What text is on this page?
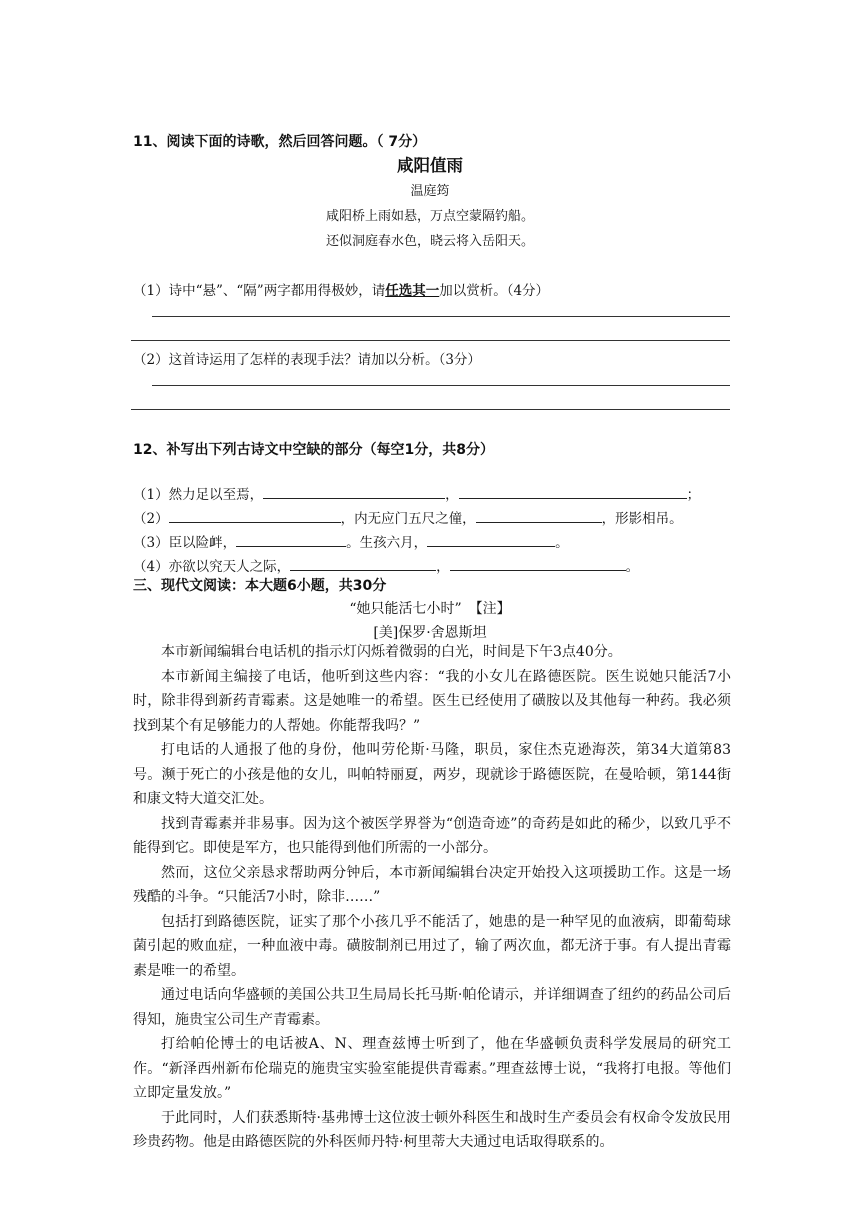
11、阅读下面的诗歌，然后回答问题。（ 7分）
咸阳值雨
温庭筠
咸阳桥上雨如悬，万点空蒙隔钓船。
还似洞庭春水色，晓云将入岳阳天。
（1）诗中“悬”、“隔”两字都用得极妙，请任选其一加以赏析。（4分）
（2）这首诗运用了怎样的表现手法？请加以分析。（3分）
12、补写出下列古诗文中空缺的部分（每空1分，共8分）
（1）然力足以至焉，	，	；
（2）	，内无应门五尺之僮，	，形影相吊。
（3）臣以险衅，	。生孩六月，	。
（4）亦欲以究天人之际，	，	。
三、现代文阅读：本大题6小题，共30分
“她只能活七小时”　【注】
[美]保罗·舍恩斯坦

本市新闻编辑台电话机的指示灯闪烁着微弱的白光，时间是下午3点40分。

本市新闻主编接了电话，他听到这些内容：“我的小女儿在路德医院。医生说她只能活7小时，除非得到新药青霉素。这是她唯一的希望。医生已经使用了磺胺以及其他每一种药。我必须找到某个有足够能力的人帮她。你能帮我吗？”

打电话的人通报了他的身份，他叫劳伦斯·马隆，职员，家住杰克逊海茨，第34大道第83号。濒于死亡的小孩是他的女儿，叫帕特丽夏，两岁，现就诊于路德医院，在曼哈顿，第144街和康文特大道交汇处。

找到青霉素并非易事。因为这个被医学界誉为“创造奇迹”的奇药是如此的稀少，以致几乎不能得到它。即使是军方，也只能得到他们所需的一小部分。

然而，这位父亲恳求帮助两分钟后，本市新闻编辑台决定开始投入这项援助工作。这是一场残酷的斗争。“只能活7小时，除非……”

包括打到路德医院，证实了那个小孩几乎不能活了，她患的是一种罕见的血液病，即葡萄球菌引起的败血症，一种血液中毒。磺胺制剂已用过了，输了两次血，都无济于事。有人提出青霉素是唯一的希望。

通过电话向华盛顿的美国公共卫生局局长托马斯·帕伦请示，并详细调查了纽约的药品公司后得知，施贵宝公司生产青霉素。

打给帕伦博士的电话被A、N、理查兹博士听到了，他在华盛顿负责科学发展局的研究工作。“新泽西州新布伦瑞克的施贵宝实验室能提供青霉素。”理查兹博士说，“我将打电报。等他们立即定量发放。”

于此同时，人们获悉斯特·基弗博士这位波士顿外科医生和战时生产委员会有权命令发放民用珍贵药物。他是由路德医院的外科医师丹特·柯里蒂大夫通过电话取得联系的。
